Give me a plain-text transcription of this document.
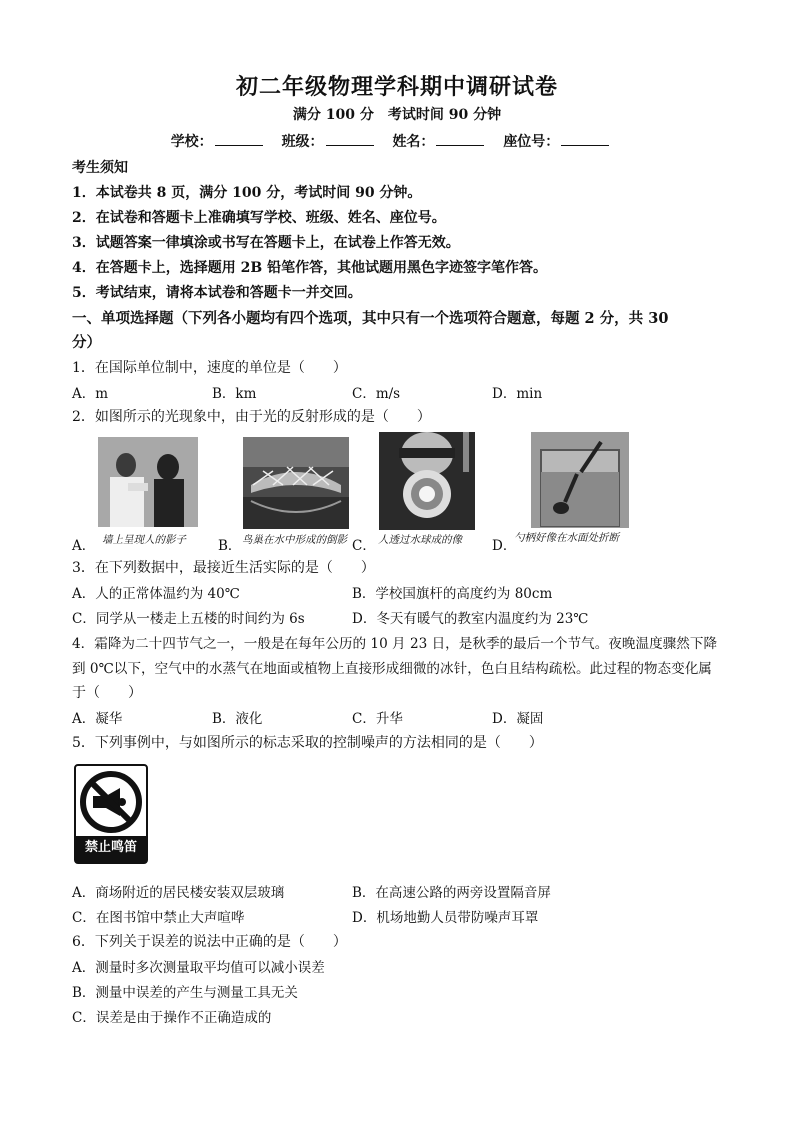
初二年级物理学科期中调研试卷
满分 100 分　考试时间 90 分钟
学校：	班级：	姓名：	座位号：
考生须知
1．本试卷共 8 页，满分 100 分，考试时间 90 分钟。
2．在试卷和答题卡上准确填写学校、班级、姓名、座位号。
3．试题答案一律填涂或书写在答题卡上，在试卷上作答无效。
4．在答题卡上，选择题用 2B 铅笔作答，其他试题用黑色字迹签字笔作答。
5．考试结束，请将本试卷和答题卡一并交回。
一、单项选择题（下列各小题均有四个选项，其中只有一个选项符合题意，每题 2 分，共 30
分）
1．在国际单位制中，速度的单位是（　　）
A．m	B．km	C．m/s	D．min
2．如图所示的光现象中，由于光的反射形成的是（　　）
A． 墙上呈现人的影子 B． 鸟巢在水中形成的倒影 C． 人透过水球成的像 D．
勺柄好像在水面处折断
3．在下列数据中，最接近生活实际的是（　　）
A．人的正常体温约为 40℃	B．学校国旗杆的高度约为 80cm
C．同学从一楼走上五楼的时间约为 6s	D．冬天有暖气的教室内温度约为 23℃
4．霜降为二十四节气之一，一般是在每年公历的 10 月 23 日，是秋季的最后一个节气。夜晚温度骤然下降
到 0℃以下，空气中的水蒸气在地面或植物上直接形成细微的冰针，色白且结构疏松。此过程的物态变化属
于（　　）
A．凝华	B．液化	C．升华	D．凝固
5．下列事例中，与如图所示的标志采取的控制噪声的方法相同的是（　　）
禁止鸣笛
A．商场附近的居民楼安装双层玻璃	B．在高速公路的两旁设置隔音屏
C．在图书馆中禁止大声喧哗	D．机场地勤人员带防噪声耳罩
6．下列关于误差的说法中正确的是（　　）
A．测量时多次测量取平均值可以减小误差
B．测量中误差的产生与测量工具无关
C．误差是由于操作不正确造成的
